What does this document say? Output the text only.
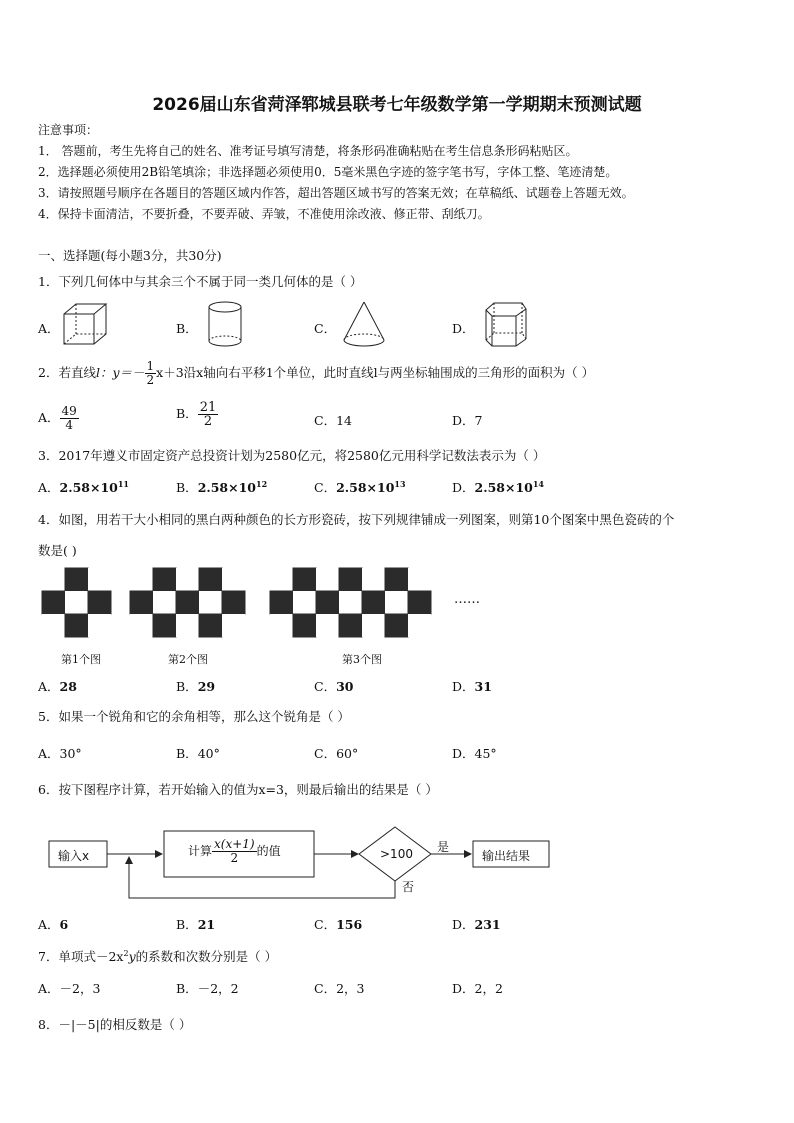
2026届山东省菏泽郓城县联考七年级数学第一学期期末预测试题
注意事项：
1． 答题前，考生先将自己的姓名、准考证号填写清楚，将条形码准确粘贴在考生信息条形码粘贴区。
2．选择题必须使用2B铅笔填涂；非选择题必须使用0．5毫米黑色字迹的签字笔书写，字体工整、笔迹清楚。
3．请按照题号顺序在各题目的答题区域内作答，超出答题区域书写的答案无效；在草稿纸、试题卷上答题无效。
4．保持卡面清洁，不要折叠，不要弄破、弄皱，不准使用涂改液、修正带、刮纸刀。
一、选择题(每小题3分，共30分)
1．下列几何体中与其余三个不属于同一类几何体的是（ ）
A．	B．	C．	D．
2．若直线l：$y=- \frac{1}{2} x+3$沿x轴向右平移1个单位，此时直线l与两坐标轴围成的三角形的面积为（ ）
A． $\frac{49}{4}$	B． $\frac{21}{2}$	C．14	D．7
3．2017年遵义市固定资产总投资计划为2580亿元，将2580亿元用科学记数法表示为（ ）
A．$2.58\times 10^{11}$	B．$2.58\times 10^{12}$	C．$2.58\times 10^{13}$	D．$2.58\times 10^{14}$
4．如图，用若干大小相同的黑白两种颜色的长方形瓷砖，按下列规律铺成一列图案，则第10个图案中黑色瓷砖的个
数是( )
……
第1个图	第2个图	第3个图
A．28	B．29	C．30	D．31
5．如果一个锐角和它的余角相等，那么这个锐角是（ ）
A．30°	B．40°	C．60°	D．45°
6．按下图程序计算，若开始输入的值为x=3，则最后输出的结果是（ ）
输入x	计算 $\frac{x(x+1)}{2}$ 的值	>100 是
否
输出结果
A．6	B．21	C．156	D．231
7．单项式$-2x^2y$的系数和次数分别是（ ）
A．－2，3	B．－2，2	C．2，3	D．2，2
8．－|－5|的相反数是（ ）
